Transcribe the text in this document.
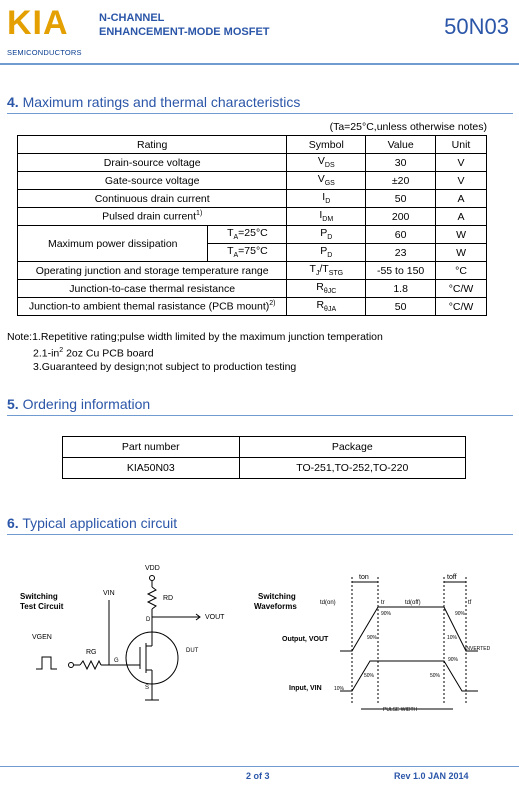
KIA
SEMICONDUCTORS
N-CHANNEL
ENHANCEMENT-MODE MOSFET	50N03
4. Maximum ratings and thermal characteristics
(Ta=25°C,unless otherwise notes)
Rating		Symbol	Value	Unit
Drain-source voltage		$V_{DS}$	30	V
Gate-source voltage		$V_{GS}$	±20	V
Continuous drain current		$I_D$	50	A
Pulsed drain current$^{1)}$		$I_{DM}$	200	A
Maximum power dissipation	$T_A=25^\circ C$	$P_D$	60	W
	$T_A=75^\circ C$	$P_D$	23	W
Operating junction and storage temperature range		$T_J/T_{STG}$	-55 to 150	°C
Junction-to-case thermal resistance		$R_{\theta JC}$	1.8	°C/W
Junction-to ambient themal rasistance (PCB mount)$^{2)}$		$R_{\theta JA}$	50	°C/W
Note:1.Repetitive rating;pulse width limited by the maximum junction temperation
$2.1-in^2$ 2oz Cu PCB board
3.Guaranteed by design;not subject to production testing
5. Ordering information
Part number	Package
KIA50N03	TO-251,TO-252,TO-220
6. Typical application circuit
Switching
Test Circuit
VDD
RD
VOUT
D
DUT
S
VIN
VGEN
RG
G
Switching
Waveforms
ton	toff
td(on)	tr	td(off)	tf
Output, VOUT
90%
90%
90%
10%
INVERTED
Input, VIN 10%
50%
90%
50%
PULSE WIDTH
2 of 3	Rev 1.0 JAN 2014
